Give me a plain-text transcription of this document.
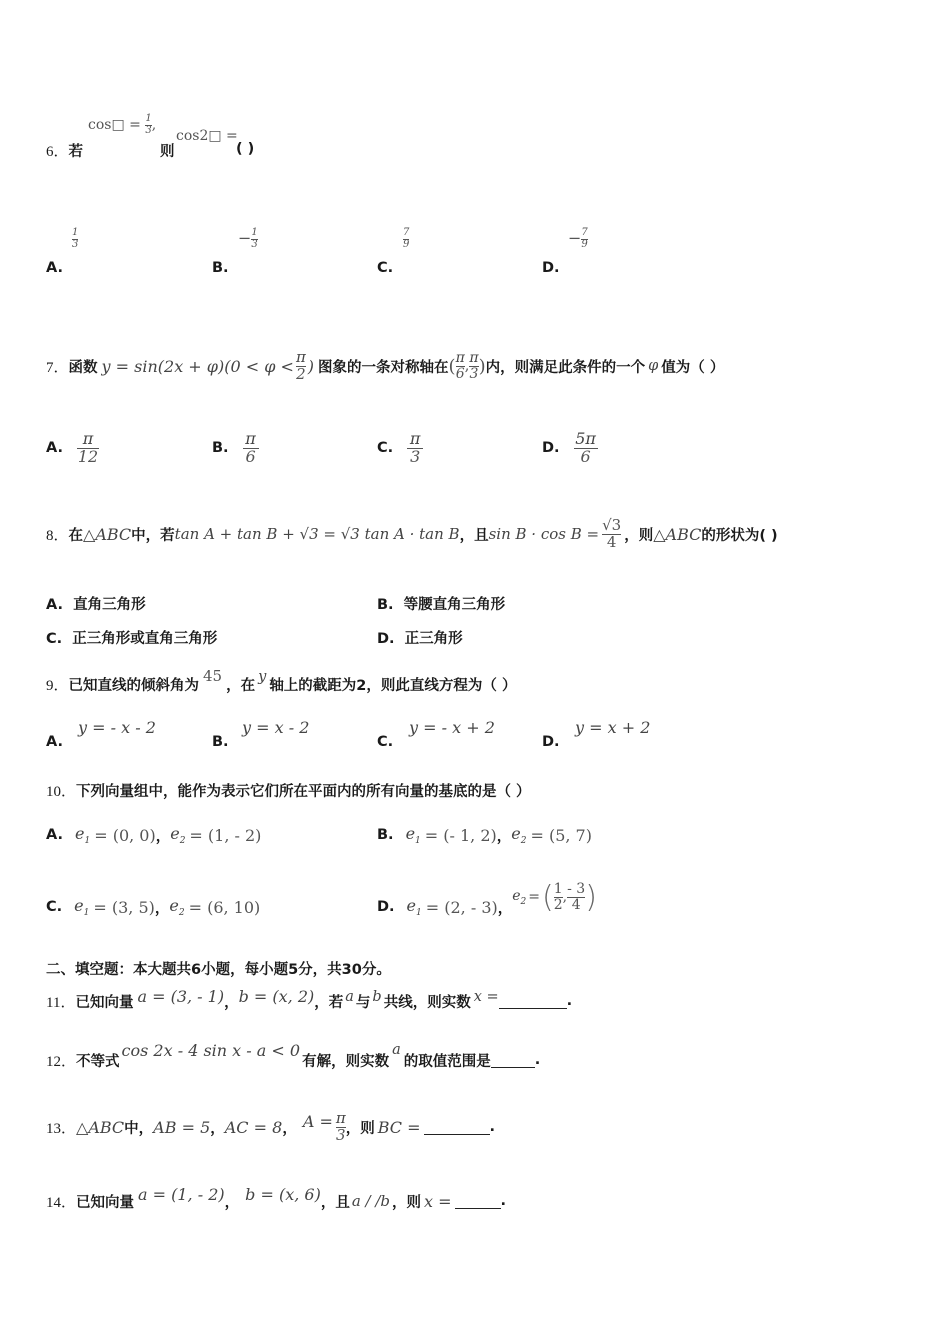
6．若
cos□ = $\frac{1}{3}$ ,
则
cos2□ =
( )
A.
$\frac{1}{3}$
B.
− $\frac{1}{3}$
C.
$\frac{7}{9}$
D.
− $\frac{7}{9}$
7． 函数 $y = \sin(2x + \varphi)(0 < \varphi < \frac{\pi}{2}$ ) 图象的一条对称轴在 ( $\frac{\pi}{6}$ , $\frac{\pi}{3}$ ) 内，则满足此条件的一个 φ 值为（ ）
A. $\frac{\pi}{12}$	B. $\frac{\pi}{6}$	C. $\frac{\pi}{3}$	D. $\frac{5\pi}{6}$
8． 在 △ABC 中，若 tan A + tan B + √3 = √3 tan A · tan B ，且 $\sin B \cdot \cos B = \frac{√3}{4}$ ，则 △ABC 的形状为( )
A. 直角三角形	B. 等腰直角三角形
C. 正三角形或直角三角形	D. 正三角形
9．已知直线的倾斜角为45，在y轴上的截距为2，则此直线方程为（ ）
A.
y = - x - 2
B.
y = x - 2
C.
y = - x + 2
D.
y = x + 2
10．下列向量组中，能作为表示它们所在平面内的所有向量的基底的是（ ）
A. $e_1 = (0$, 0) ， $e_2 = (1$, - 2)	B. $e_1$ = (- 1, 2) ， $e_2 = (5$, 7)
C. $e_1 = (3$, 5) ， $e_2 = (6$, 10)	D. $e_1 = (2$, - 3) ，
$e_2$ = ( $\frac{1}{2}$ , $\frac{- 3}{4}$ )
二、填空题：本大题共6小题，每小题5分，共30分。
11． 已知向量 a = (3, - 1) ， b = (x, 2) ，若 a 与 b 共线，则实数 x =	.
12． 不等式
cos 2x - 4 sin x - a < 0
有解，则实数
a
的取值范围是	.
13． △ABC 中， AB = 5 ， AC = 8 ， $A = \frac{\pi}{3}$ ，则 BC =	.
14． 已知向量 a = (1, - 2) ， b = (x, 6) ，且 a / /b ，则 x =	.
